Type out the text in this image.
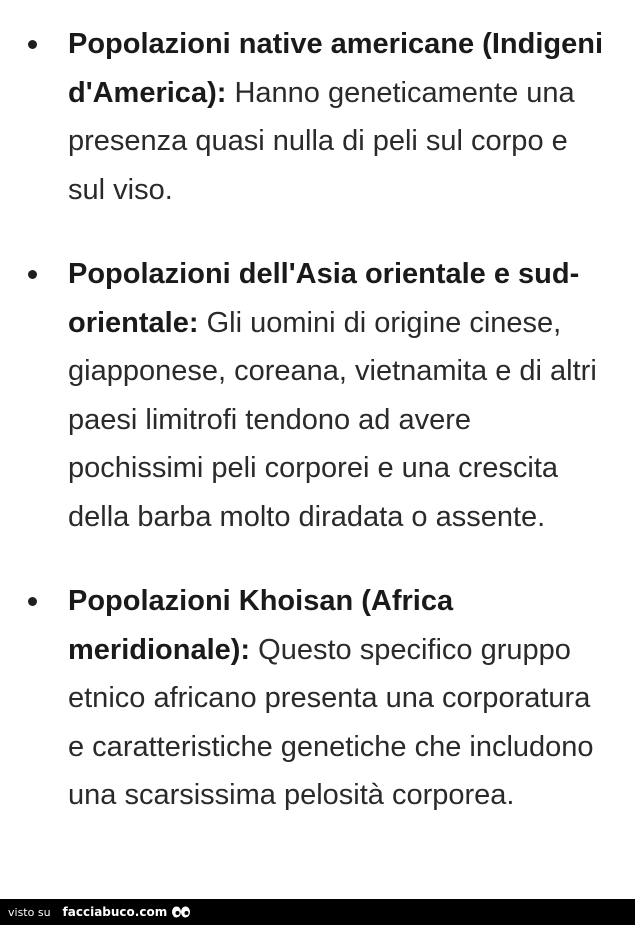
Popolazioni native americane (Indigeni d'America): Hanno geneticamente una presenza quasi nulla di peli sul corpo e sul viso.
Popolazioni dell'Asia orientale e sud-orientale: Gli uomini di origine cinese, giapponese, coreana, vietnamita e di altri paesi limitrofi tendono ad avere pochissimi peli corporei e una crescita della barba molto diradata o assente.
Popolazioni Khoisan (Africa meridionale): Questo specifico gruppo etnico africano presenta una corporatura e caratteristiche genetiche che includono una scarsissima pelosità corporea.
visto su facciabuco.com
